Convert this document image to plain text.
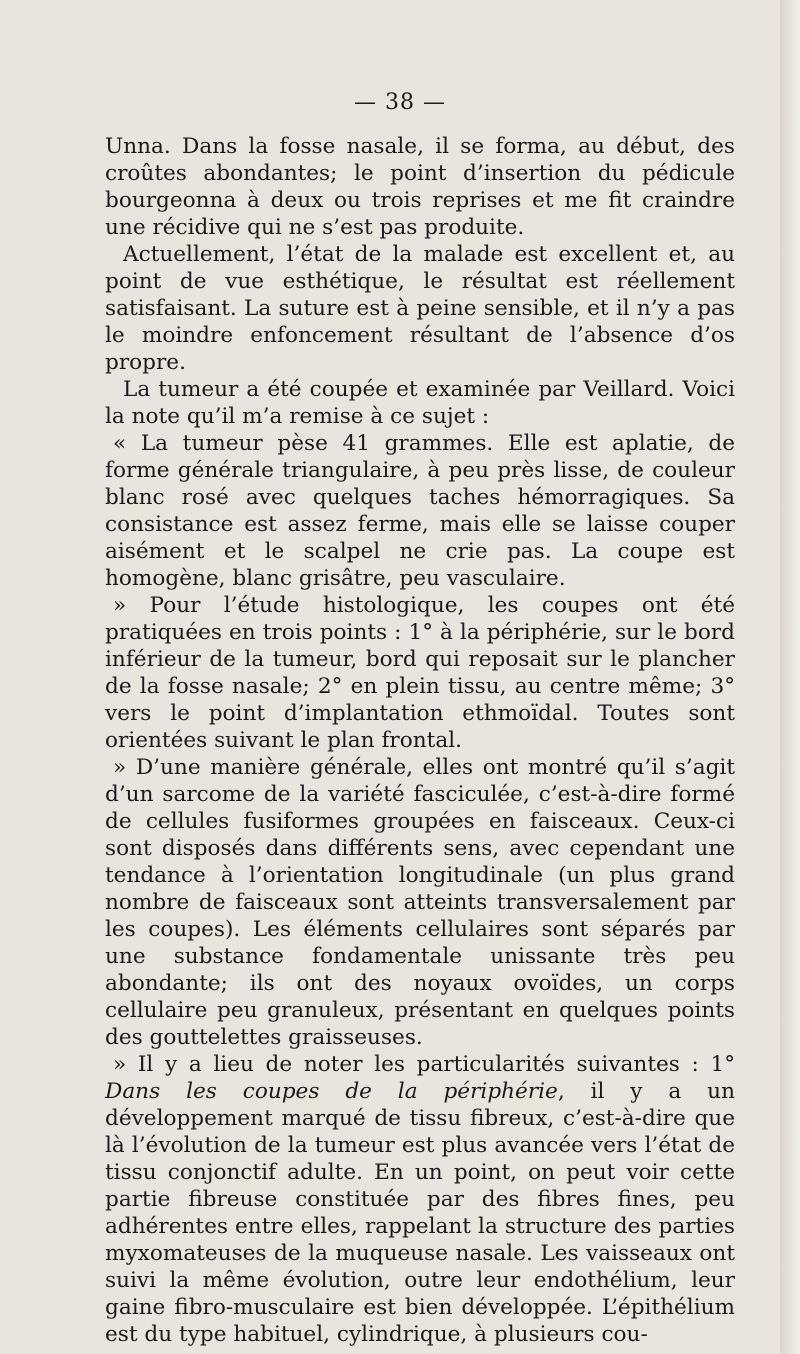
— 38 —

Unna. Dans la fosse nasale, il se forma, au début, des croûtes abondantes; le point d’insertion du pédicule bourgeonna à deux ou trois reprises et me fit craindre une récidive qui ne s’est pas produite.

Actuellement, l’état de la malade est excellent et, au point de vue esthétique, le résultat est réellement satisfaisant. La suture est à peine sensible, et il n’y a pas le moindre enfoncement résultant de l’absence d’os propre.

La tumeur a été coupée et examinée par Veillard. Voici la note qu’il m’a remise à ce sujet :

« La tumeur pèse 41 grammes. Elle est aplatie, de forme générale triangulaire, à peu près lisse, de couleur blanc rosé avec quelques taches hémorragiques. Sa consistance est assez ferme, mais elle se laisse couper aisément et le scalpel ne crie pas. La coupe est homogène, blanc grisâtre, peu vasculaire.

» Pour l’étude histologique, les coupes ont été pratiquées en trois points : 1° à la périphérie, sur le bord inférieur de la tumeur, bord qui reposait sur le plancher de la fosse nasale; 2° en plein tissu, au centre même; 3° vers le point d’implantation ethmoïdal. Toutes sont orientées suivant le plan frontal.

» D’une manière générale, elles ont montré qu’il s’agit d’un sarcome de la variété fasciculée, c’est-à-dire formé de cellules fusiformes groupées en faisceaux. Ceux-ci sont disposés dans différents sens, avec cependant une tendance à l’orientation longitudinale (un plus grand nombre de faisceaux sont atteints transversalement par les coupes). Les éléments cellulaires sont séparés par une substance fondamentale unissante très peu abondante; ils ont des noyaux ovoïdes, un corps cellulaire peu granuleux, présentant en quelques points des gouttelettes graisseuses.

» Il y a lieu de noter les particularités suivantes : 1° Dans les coupes de la périphérie, il y a un développement marqué de tissu fibreux, c’est-à-dire que là l’évolution de la tumeur est plus avancée vers l’état de tissu conjonctif adulte. En un point, on peut voir cette partie fibreuse constituée par des fibres fines, peu adhérentes entre elles, rappelant la structure des parties myxomateuses de la muqueuse nasale. Les vaisseaux ont suivi la même évolution, outre leur endothélium, leur gaine fibro-musculaire est bien développée. L’épithélium est du type habituel, cylindrique, à plusieurs cou-
